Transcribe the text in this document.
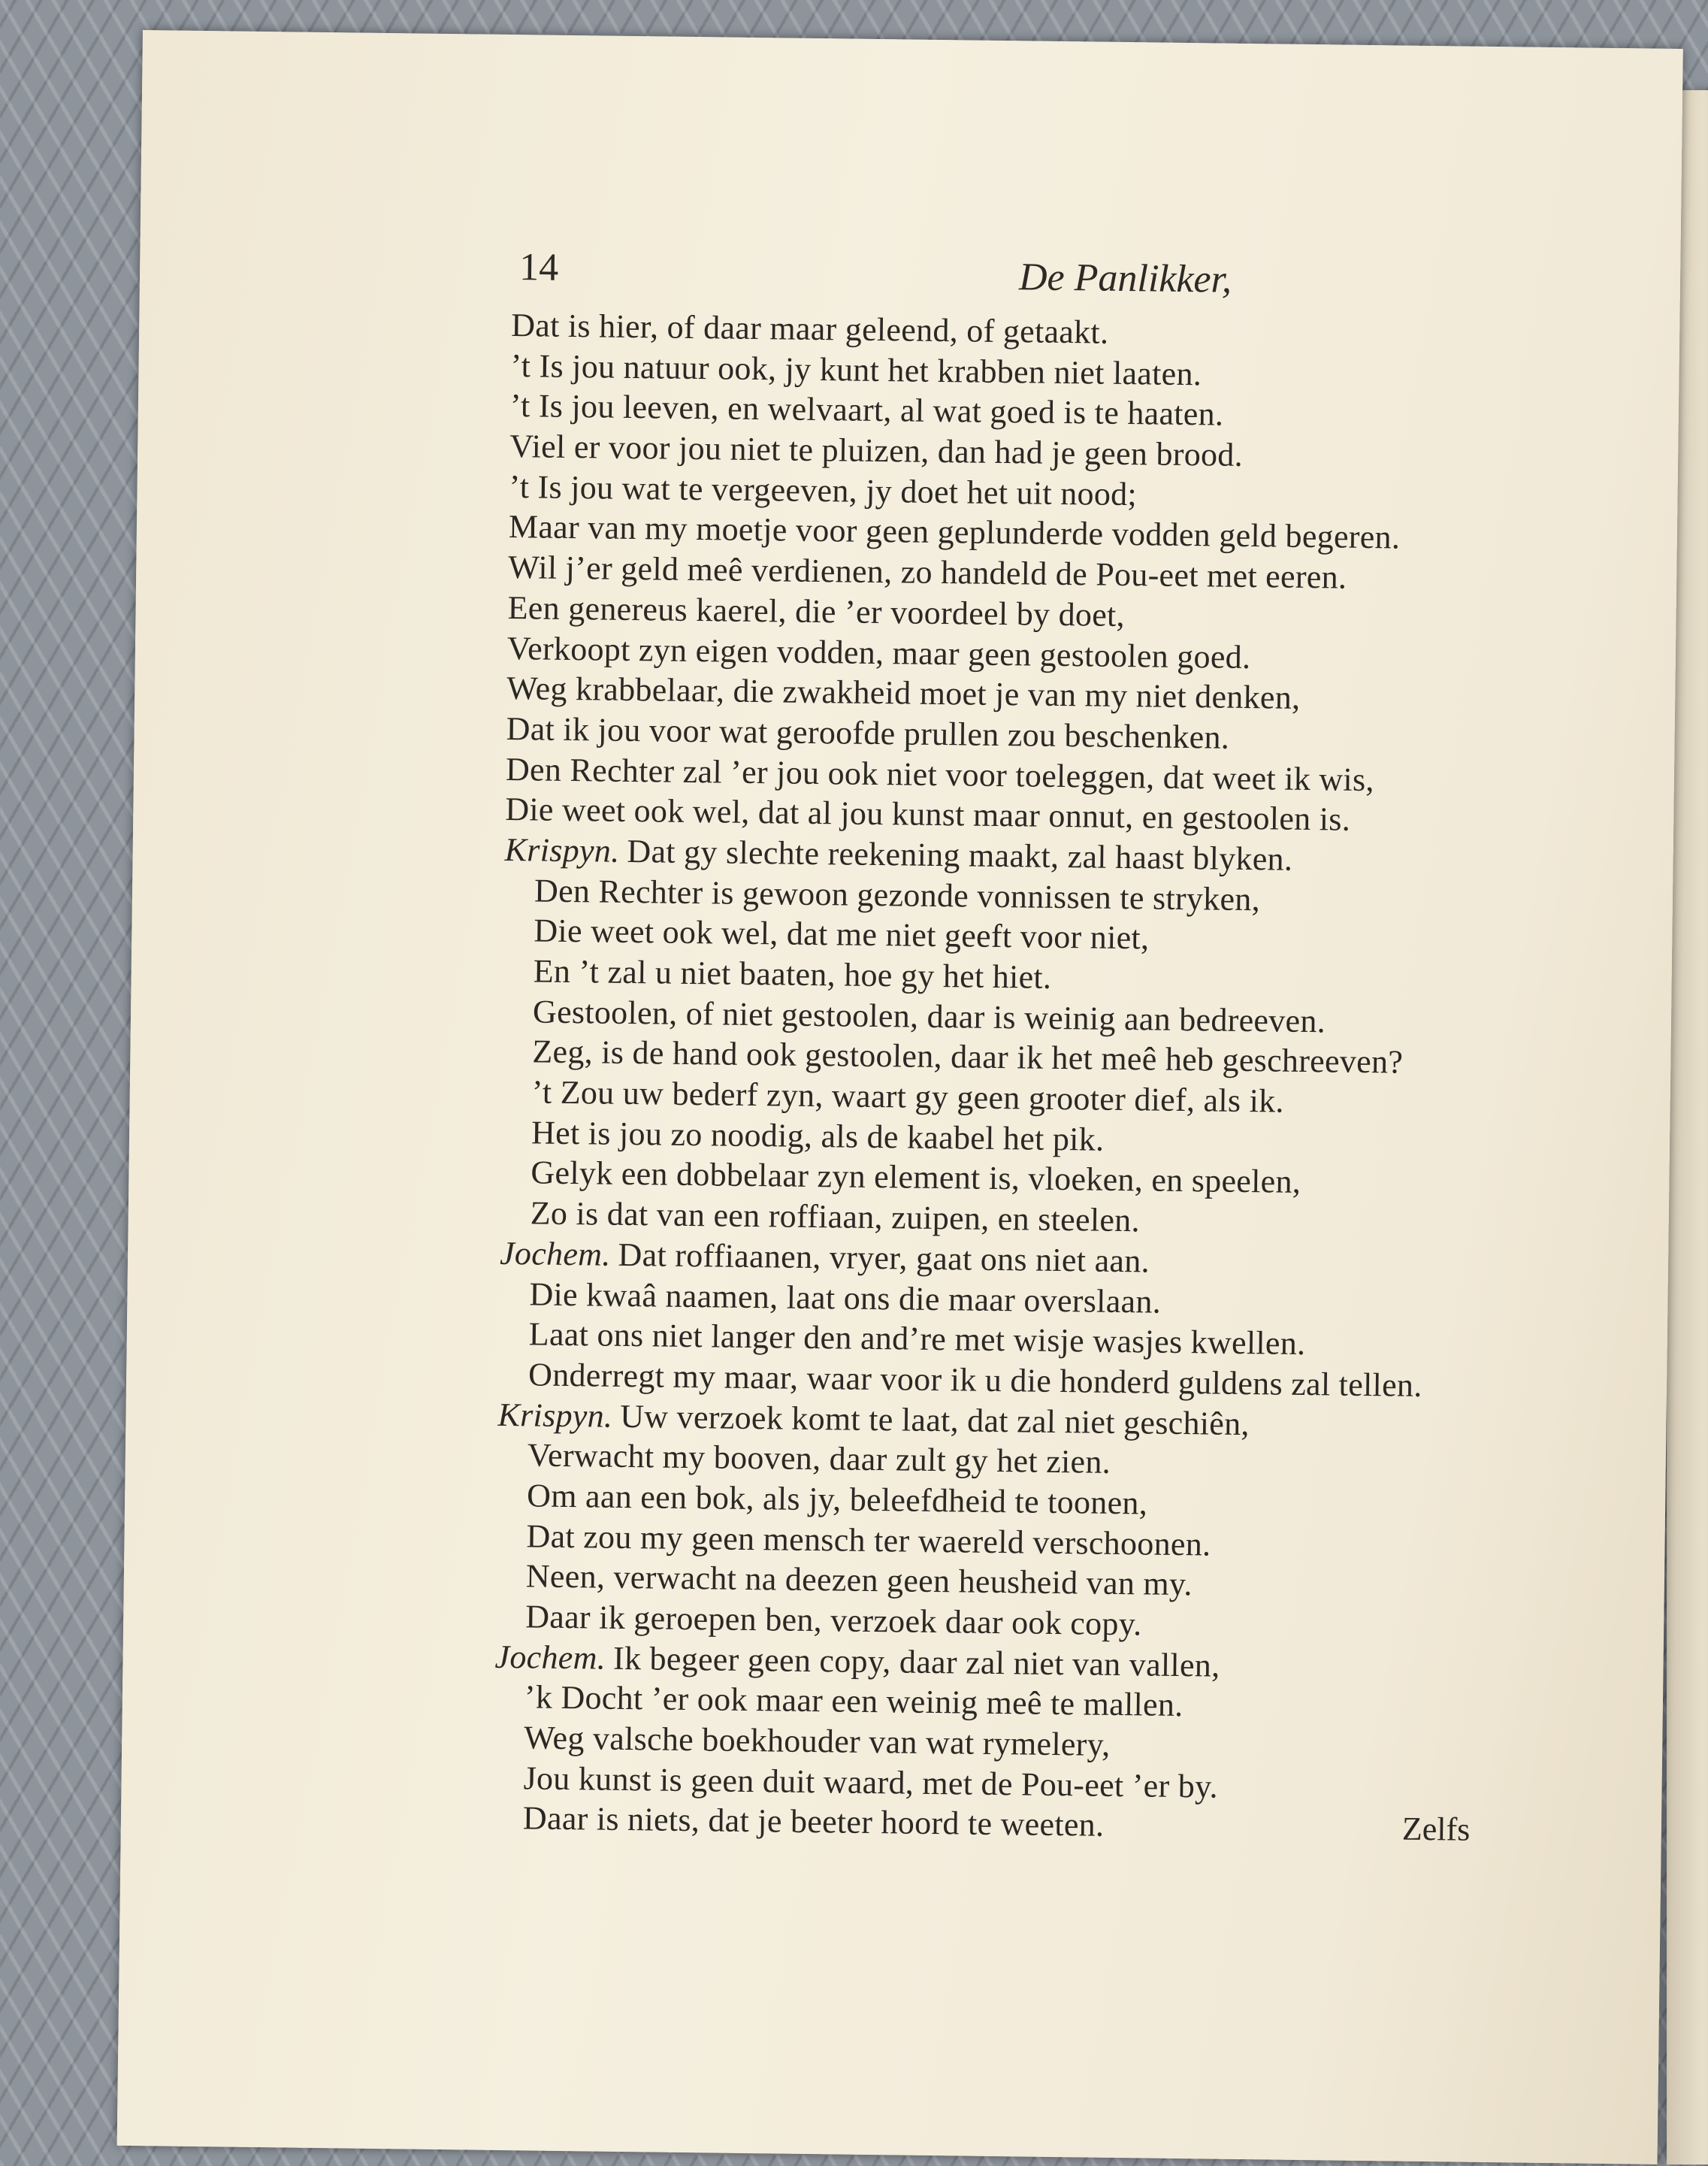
14	De Panlikker,
Dat is hier, of daar maar geleend, of getaakt.
’t Is jou natuur ook, jy kunt het krabben niet laaten.
’t Is jou leeven, en welvaart, al wat goed is te haaten.
Viel er voor jou niet te pluizen, dan had je geen brood.
’t Is jou wat te vergeeven, jy doet het uit nood;
Maar van my moetje voor geen geplunderde vodden geld begeren.
Wil j’er geld meê verdienen, zo handeld de Pou-eet met eeren.
Een genereus kaerel, die ’er voordeel by doet,
Verkoopt zyn eigen vodden, maar geen gestoolen goed.
Weg krabbelaar, die zwakheid moet je van my niet denken,
Dat ik jou voor wat geroofde prullen zou beschenken.
Den Rechter zal ’er jou ook niet voor toeleggen, dat weet ik wis,
Die weet ook wel, dat al jou kunst maar onnut, en gestoolen is.
Krispyn. Dat gy slechte reekening maakt, zal haast blyken.
Den Rechter is gewoon gezonde vonnissen te stryken,
Die weet ook wel, dat me niet geeft voor niet,
En ’t zal u niet baaten, hoe gy het hiet.
Gestoolen, of niet gestoolen, daar is weinig aan bedreeven.
Zeg, is de hand ook gestoolen, daar ik het meê heb geschreeven?
’t Zou uw bederf zyn, waart gy geen grooter dief, als ik.
Het is jou zo noodig, als de kaabel het pik.
Gelyk een dobbelaar zyn element is, vloeken, en speelen,
Zo is dat van een roffiaan, zuipen, en steelen.
Jochem. Dat roffiaanen, vryer, gaat ons niet aan.
Die kwaâ naamen, laat ons die maar overslaan.
Laat ons niet langer den and’re met wisje wasjes kwellen.
Onderregt my maar, waar voor ik u die honderd guldens zal tellen.
Krispyn. Uw verzoek komt te laat, dat zal niet geschiên,
Verwacht my booven, daar zult gy het zien.
Om aan een bok, als jy, beleefdheid te toonen,
Dat zou my geen mensch ter waereld verschoonen.
Neen, verwacht na deezen geen heusheid van my.
Daar ik geroepen ben, verzoek daar ook copy.
Jochem. Ik begeer geen copy, daar zal niet van vallen,
’k Docht ’er ook maar een weinig meê te mallen.
Weg valsche boekhouder van wat rymelery,
Jou kunst is geen duit waard, met de Pou-eet ’er by.
Daar is niets, dat je beeter hoord te weeten.	Zelfs
